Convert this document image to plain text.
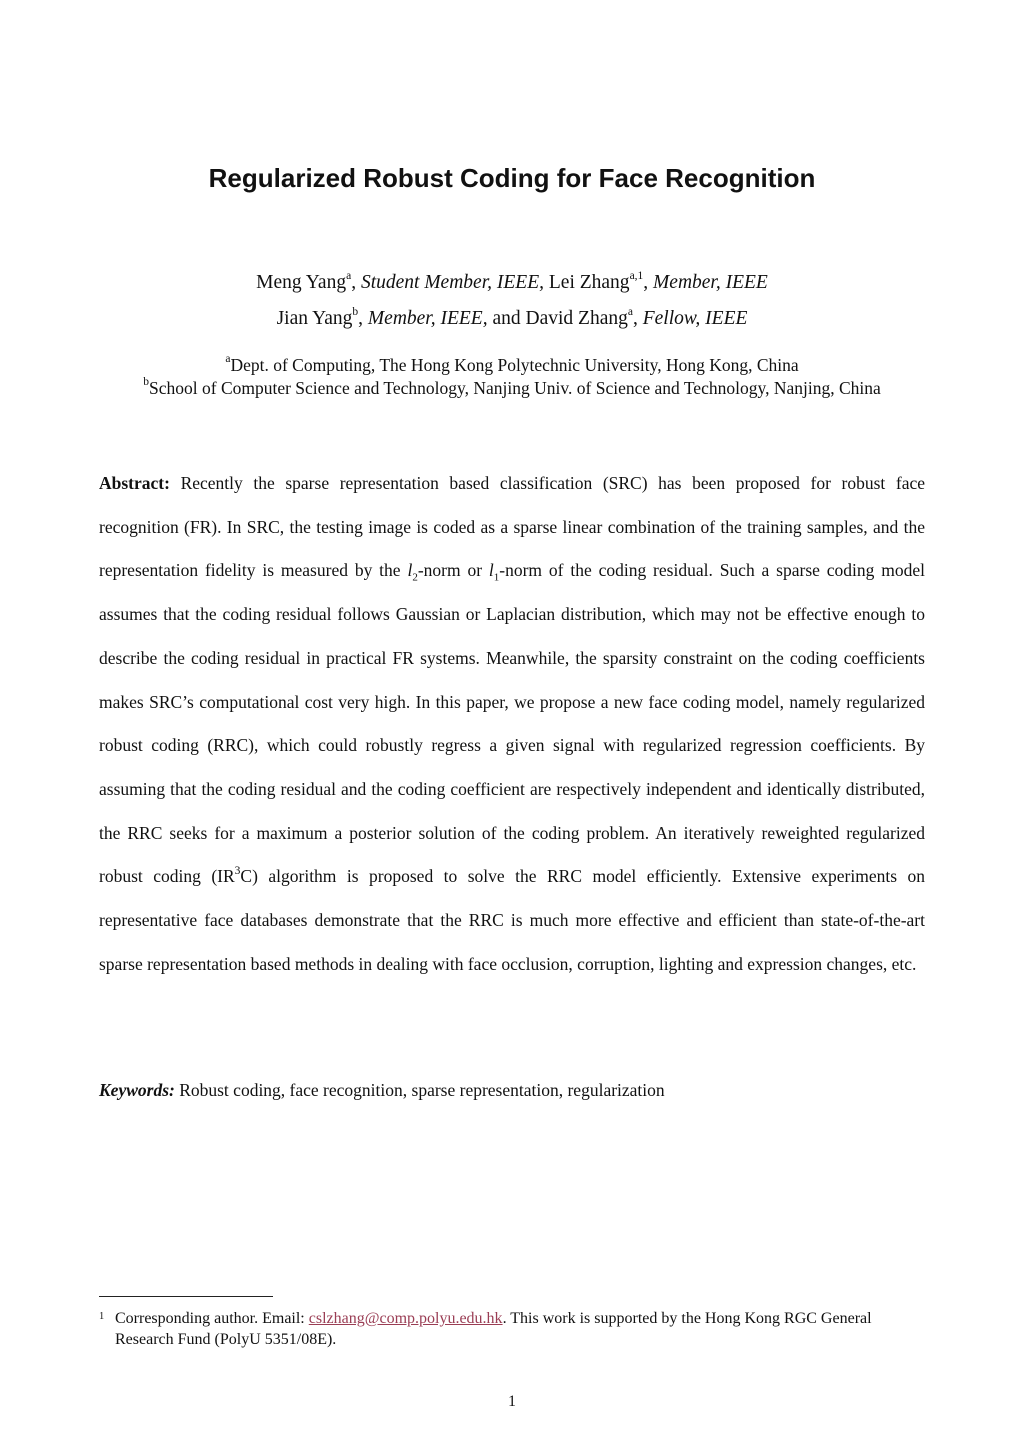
Regularized Robust Coding for Face Recognition
Meng Yang$^a$, Student Member, IEEE, Lei Zhang$^{a,1}$, Member, IEEE
Jian Yang$^b$, Member, IEEE, and David Zhang$^a$, Fellow, IEEE
$^a$Dept. of Computing, The Hong Kong Polytechnic University, Hong Kong, China
$^b$School of Computer Science and Technology, Nanjing Univ. of Science and Technology, Nanjing, China

Abstract: Recently the sparse representation based classification (SRC) has been proposed for robust face recognition (FR). In SRC, the testing image is coded as a sparse linear combination of the training samples, and the representation fidelity is measured by the $l_2$-norm or $l_1$-norm of the coding residual. Such a sparse coding model assumes that the coding residual follows Gaussian or Laplacian distribution, which may not be effective enough to describe the coding residual in practical FR systems. Meanwhile, the sparsity constraint on the coding coefficients makes SRC’s computational cost very high. In this paper, we propose a new face coding model, namely regularized robust coding (RRC), which could robustly regress a given signal with regularized regression coefficients. By assuming that the coding residual and the coding coefficient are respectively independent and identically distributed, the RRC seeks for a maximum a posterior solution of the coding problem. An iteratively reweighted regularized robust coding $(IR^3C)$ algorithm is proposed to solve the RRC model efficiently. Extensive experiments on representative face databases demonstrate that the RRC is much more effective and efficient than state-of-the-art sparse representation based methods in dealing with face occlusion, corruption, lighting and expression changes, etc.

Keywords: Robust coding, face recognition, sparse representation, regularization

1 Corresponding author. Email: cslzhang@comp.polyu.edu.hk. This work is supported by the Hong Kong RGC General
Research Fund (PolyU 5351/08E).
1
